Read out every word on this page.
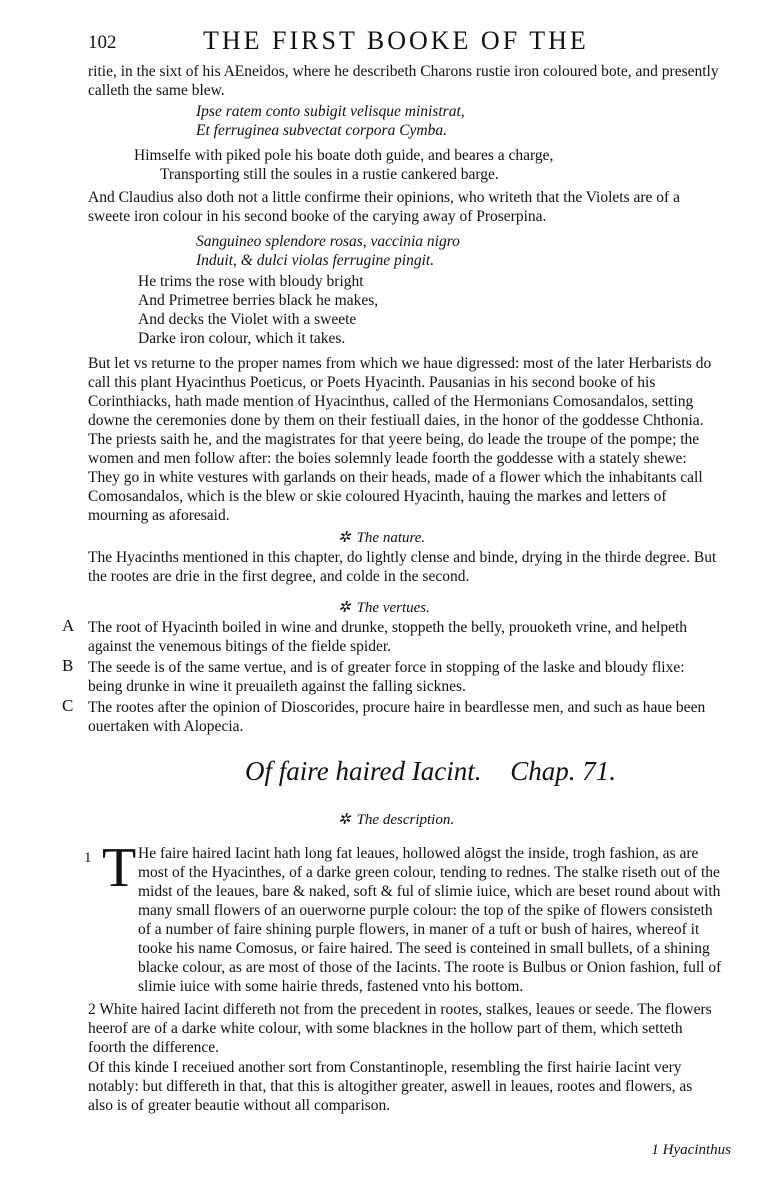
102	THE FIRST BOOKE OF THE

ritie, in the sixt of his AEneidos, where he describeth Charons rustie iron coloured bote, and presently calleth the same blew.

Ipse ratem conto subigit velisque ministrat,
Et ferruginea subvectat corpora Cymba.
Himselfe with piked pole his boate doth guide, and beares a charge,
Transporting still the soules in a rustie cankered barge.

And Claudius also doth not a little confirme their opinions, who writeth that the Violets are of a sweete iron colour in his second booke of the carying away of Proserpina.

Sanguineo splendore rosas, vaccinia nigro
Induit, & dulci violas ferrugine pingit.
He trims the rose with bloudy bright
And Primetree berries black he makes,
And decks the Violet with a sweete
Darke iron colour, which it takes.

But let vs returne to the proper names from which we haue digressed: most of the later Herbarists do call this plant Hyacinthus Poeticus, or Poets Hyacinth. Pausanias in his second booke of his Corinthiacks, hath made mention of Hyacinthus, called of the Hermonians Comosandalos, setting downe the ceremonies done by them on their festiuall daies, in the honor of the goddesse Chthonia. The priests saith he, and the magistrates for that yeere being, do leade the troupe of the pompe; the women and men follow after: the boies solemnly leade foorth the goddesse with a stately shewe: They go in white vestures with garlands on their heads, made of a flower which the inhabitants call Comosandalos, which is the blew or skie coloured Hyacinth, hauing the markes and letters of mourning as aforesaid.

✲ The nature.

The Hyacinths mentioned in this chapter, do lightly clense and binde, drying in the thirde degree. But the rootes are drie in the first degree, and colde in the second.

✲ The vertues.
A The root of Hyacinth boiled in wine and drunke, stoppeth the belly, prouoketh vrine, and helpeth against the venemous bitings of the fielde spider.

B The seede is of the same vertue, and is of greater force in stopping of the laske and bloudy flixe: being drunke in wine it preuaileth against the falling sicknes.

C The rootes after the opinion of Dioscorides, procure haire in beardlesse men, and such as haue been ouertaken with Alopecia.

Of faire haired Iacint. Chap. 71.
✲ The description.
1 T He faire haired Iacint hath long fat leaues, hollowed alōgst the inside, trogh fashion, as are most of the Hyacinthes, of a darke green colour, tending to rednes. The stalke riseth out of the midst of the leaues, bare & naked, soft & ful of slimie iuice, which are beset round about with many small flowers of an ouerworne purple colour: the top of the spike of flowers consisteth of a number of faire shining purple flowers, in maner of a tuft or bush of haires, whereof it tooke his name Comosus, or faire haired. The seed is conteined in small bullets, of a shining blacke colour, as are most of those of the Iacints. The roote is Bulbus or Onion fashion, full of slimie iuice with some hairie threds, fastened vnto his bottom.

2 White haired Iacint differeth not from the precedent in rootes, stalkes, leaues or seede. The flowers heerof are of a darke white colour, with some blacknes in the hollow part of them, which setteth foorth the difference.

Of this kinde I receiued another sort from Constantinople, resembling the first hairie Iacint very notably: but differeth in that, that this is altogither greater, aswell in leaues, rootes and flowers, as also is of greater beautie without all comparison.

1 Hyacinthus
